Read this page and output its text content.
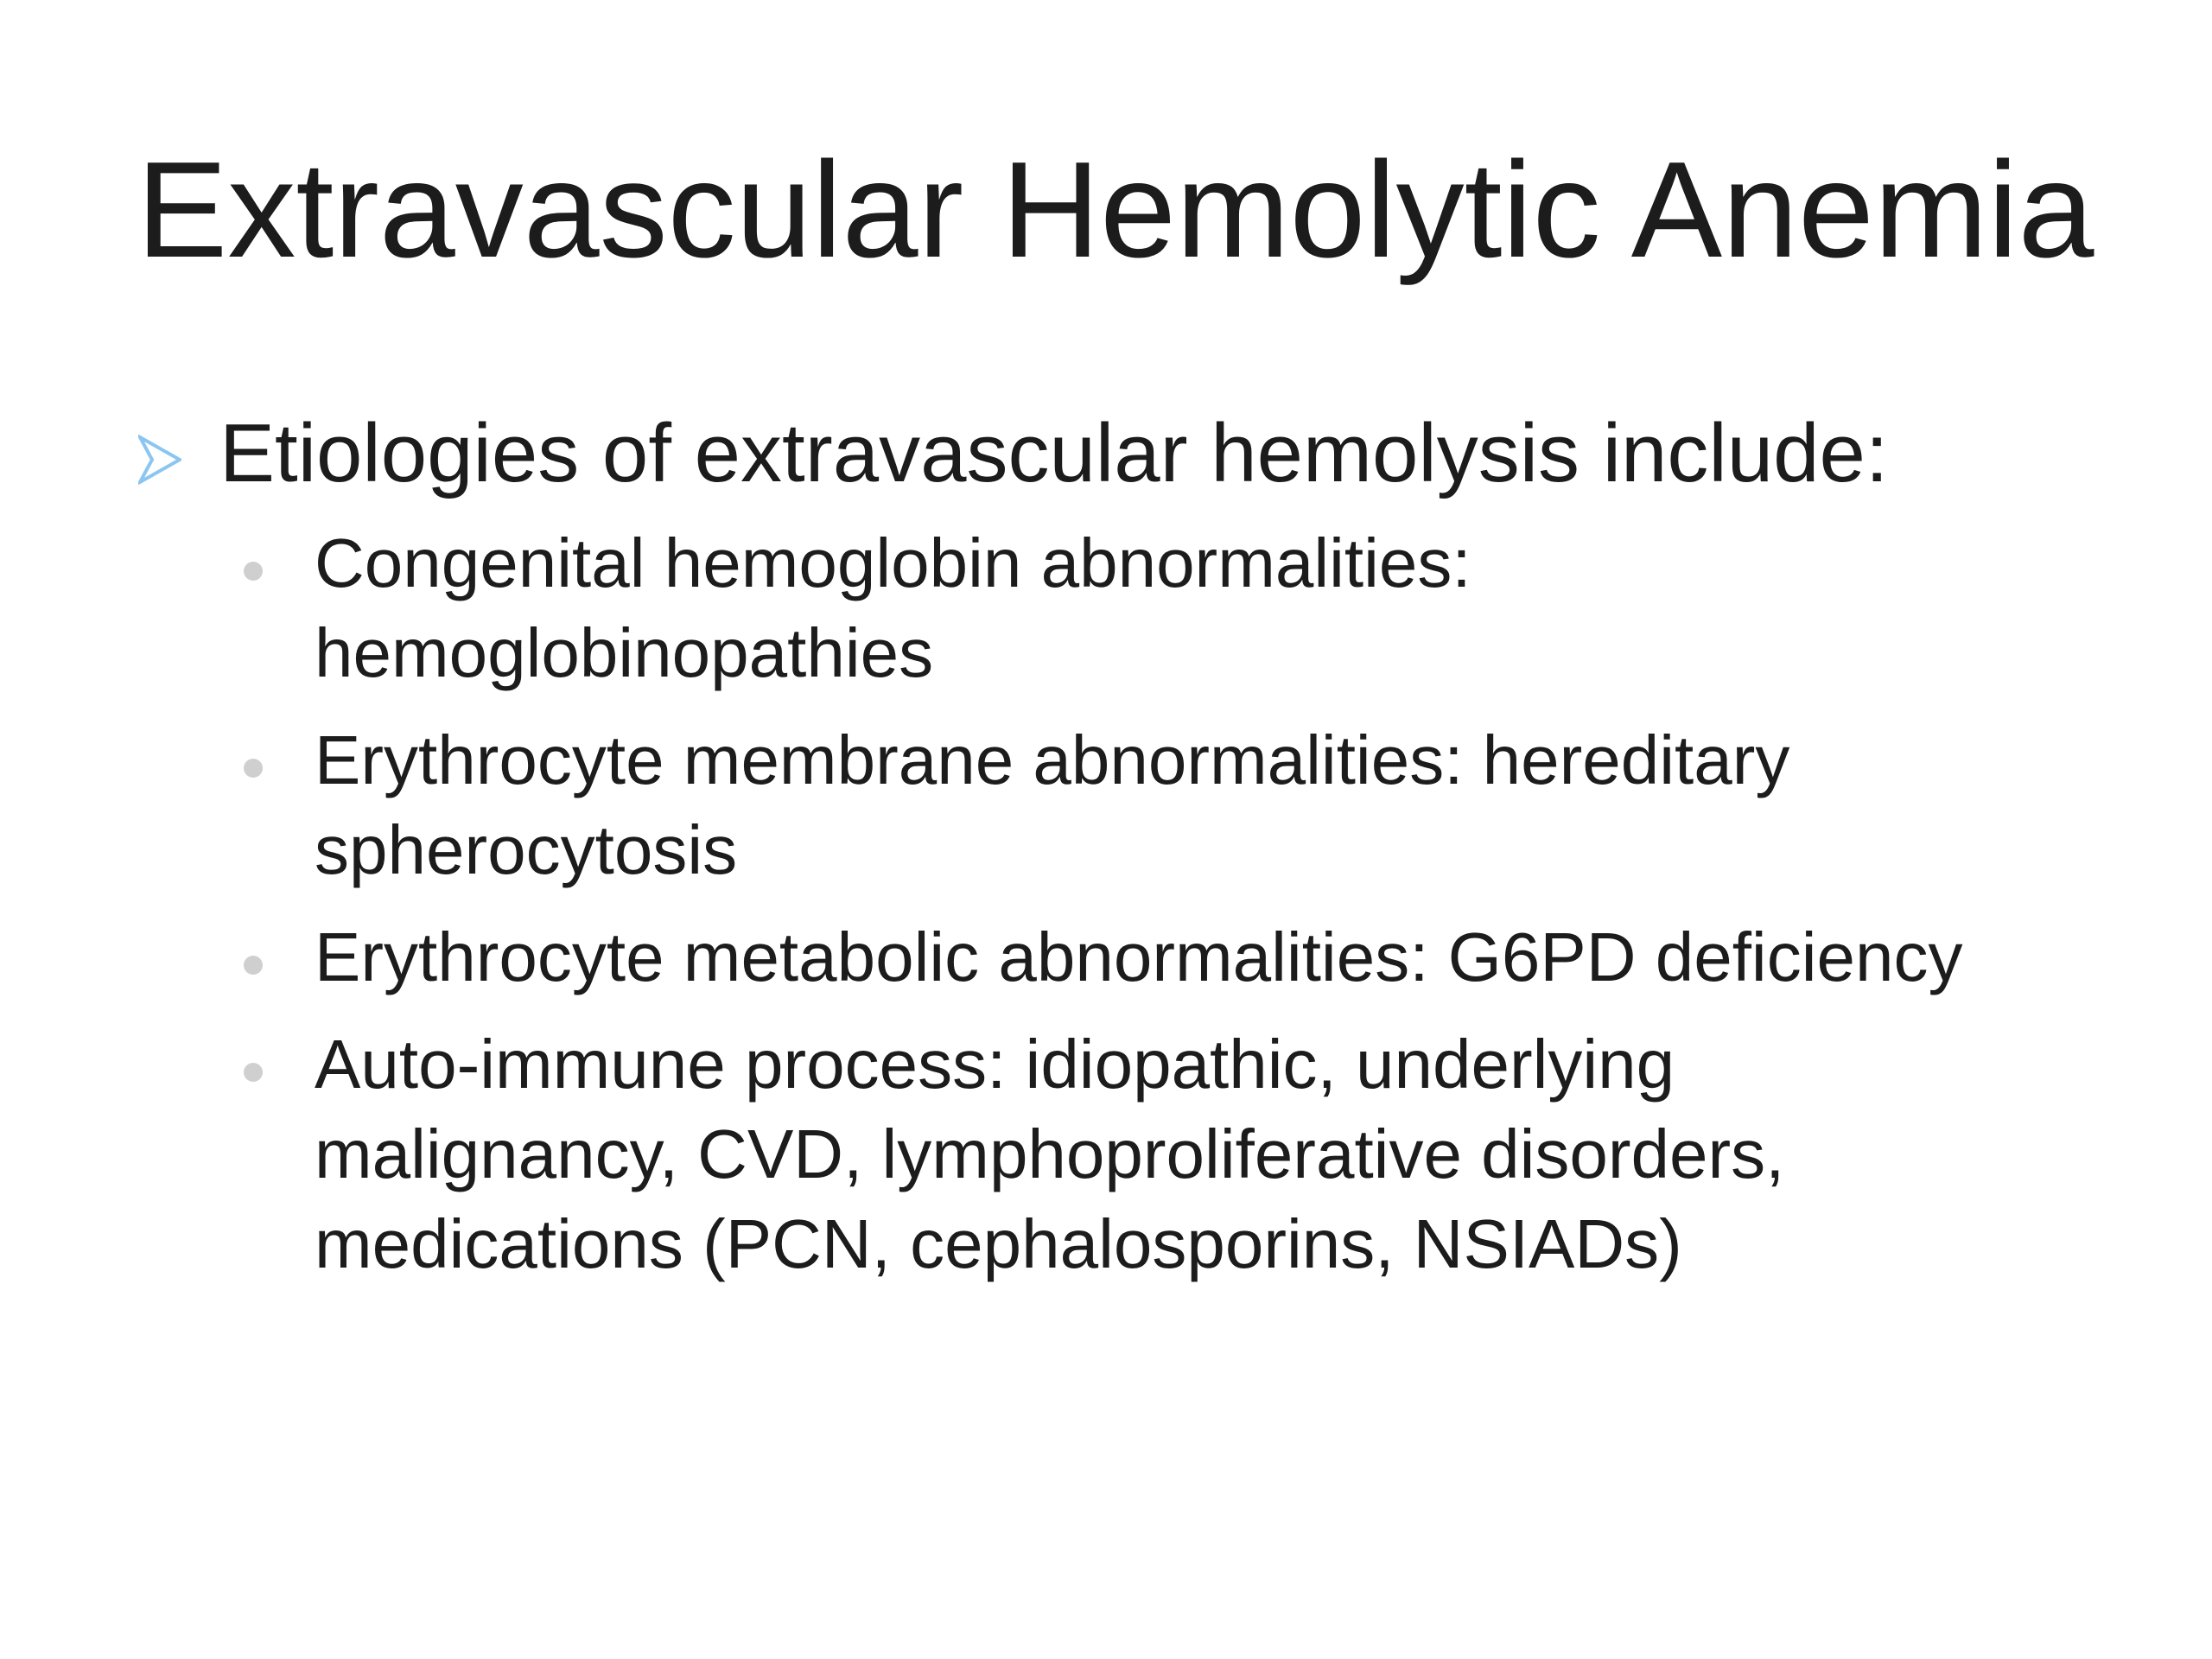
Extravascular Hemolytic Anemia
Etiologies of extravascular hemolysis include:
Congenital hemoglobin abnormalities:
hemoglobinopathies
Erythrocyte membrane abnormalities: hereditary
spherocytosis
Erythrocyte metabolic abnormalities: G6PD deficiency
Auto-immune process: idiopathic, underlying
malignancy, CVD, lymphoproliferative disorders,
medications (PCN, cephalosporins, NSIADs)
